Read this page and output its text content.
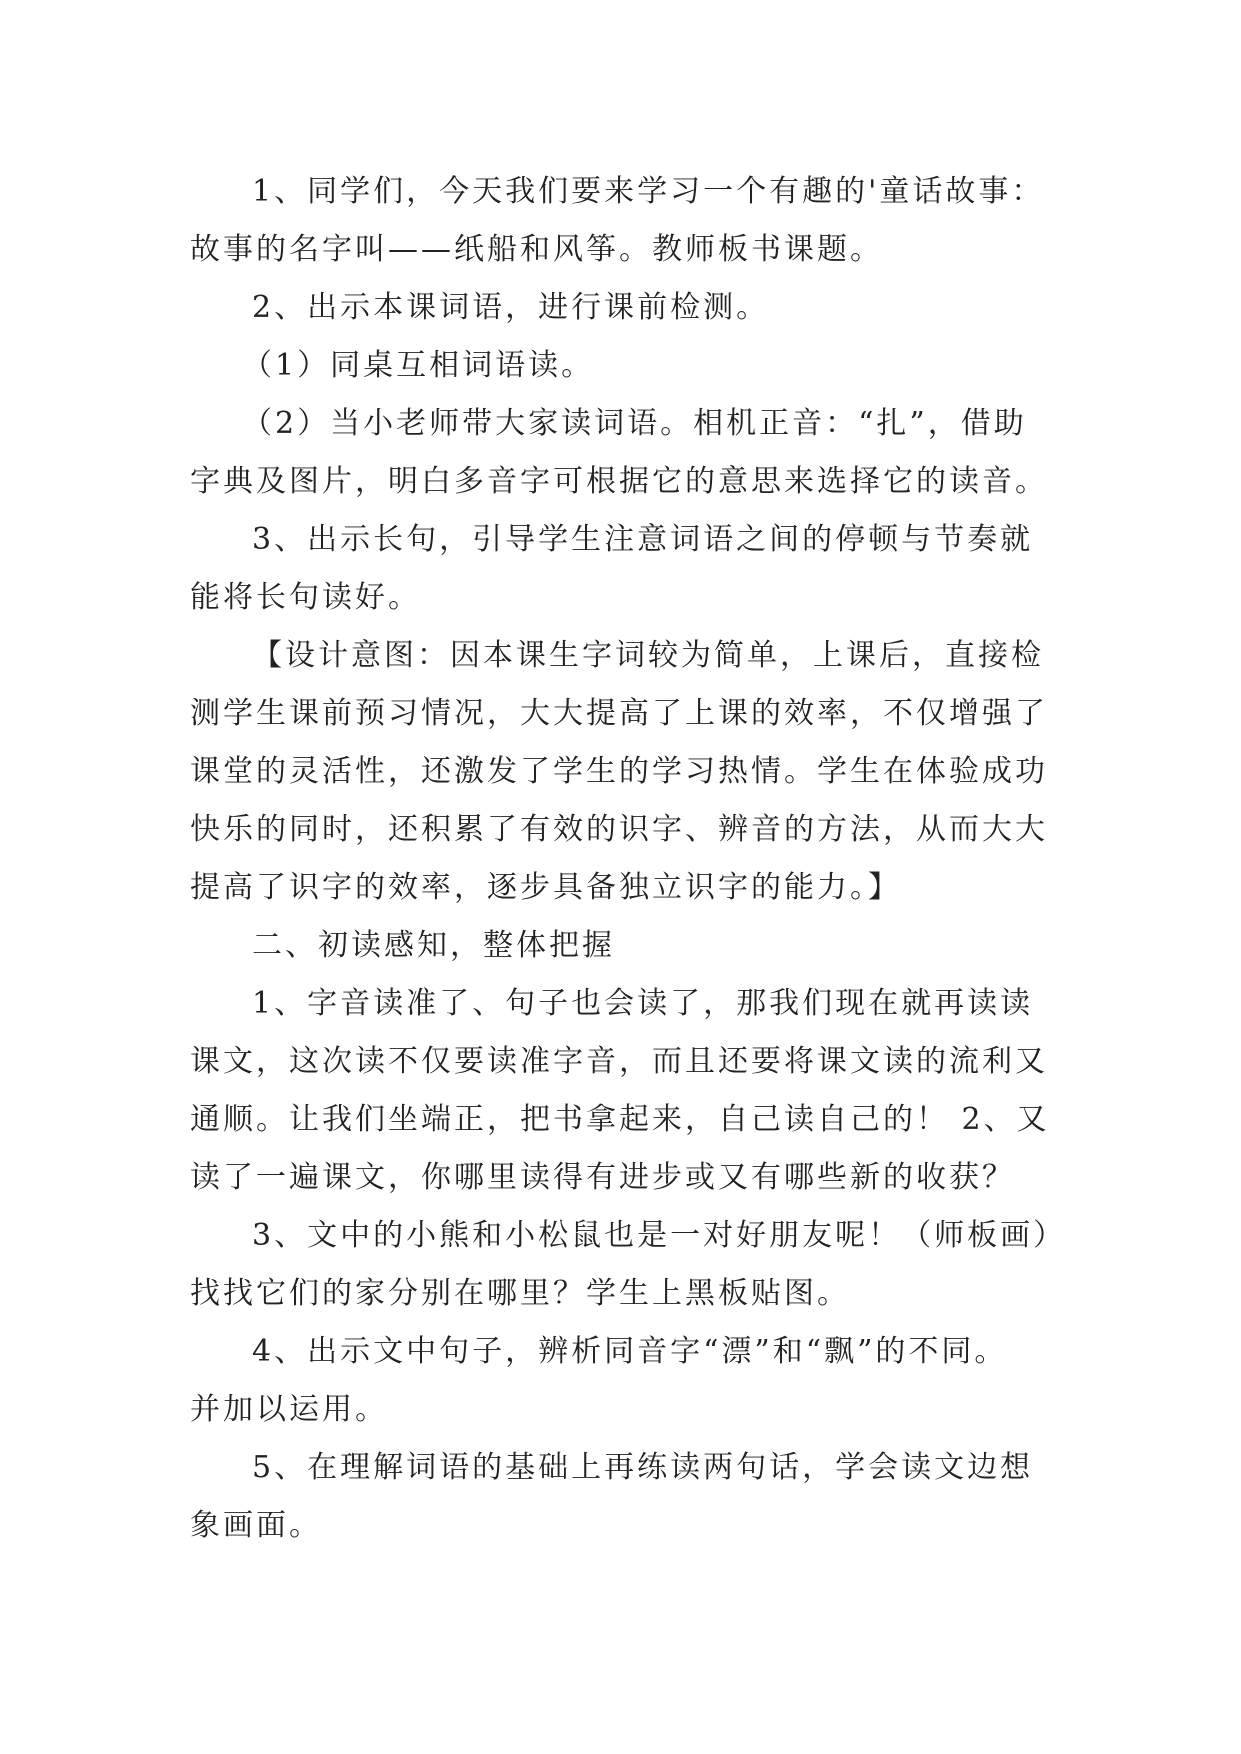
1、同学们，今天我们要来学习一个有趣的'童话故事：
故事的名字叫——纸船和风筝。教师板书课题。
2、出示本课词语，进行课前检测。
（1）同桌互相词语读。
（2）当小老师带大家读词语。相机正音：“扎”，借助
字典及图片，明白多音字可根据它的意思来选择它的读音。
3、出示长句，引导学生注意词语之间的停顿与节奏就
能将长句读好。
【设计意图：因本课生字词较为简单，上课后，直接检
测学生课前预习情况，大大提高了上课的效率，不仅增强了
课堂的灵活性，还激发了学生的学习热情。学生在体验成功
快乐的同时，还积累了有效的识字、辨音的方法，从而大大
提高了识字的效率，逐步具备独立识字的能力。】
二、初读感知，整体把握
1、字音读准了、句子也会读了，那我们现在就再读读
课文，这次读不仅要读准字音，而且还要将课文读的流利又
通顺。让我们坐端正，把书拿起来，自己读自己的！ 2、又
读了一遍课文，你哪里读得有进步或又有哪些新的收获？
3、文中的小熊和小松鼠也是一对好朋友呢！（师板画）
找找它们的家分别在哪里？学生上黑板贴图。
4、出示文中句子，辨析同音字“漂”和“飘”的不同。
并加以运用。
5、在理解词语的基础上再练读两句话，学会读文边想
象画面。
